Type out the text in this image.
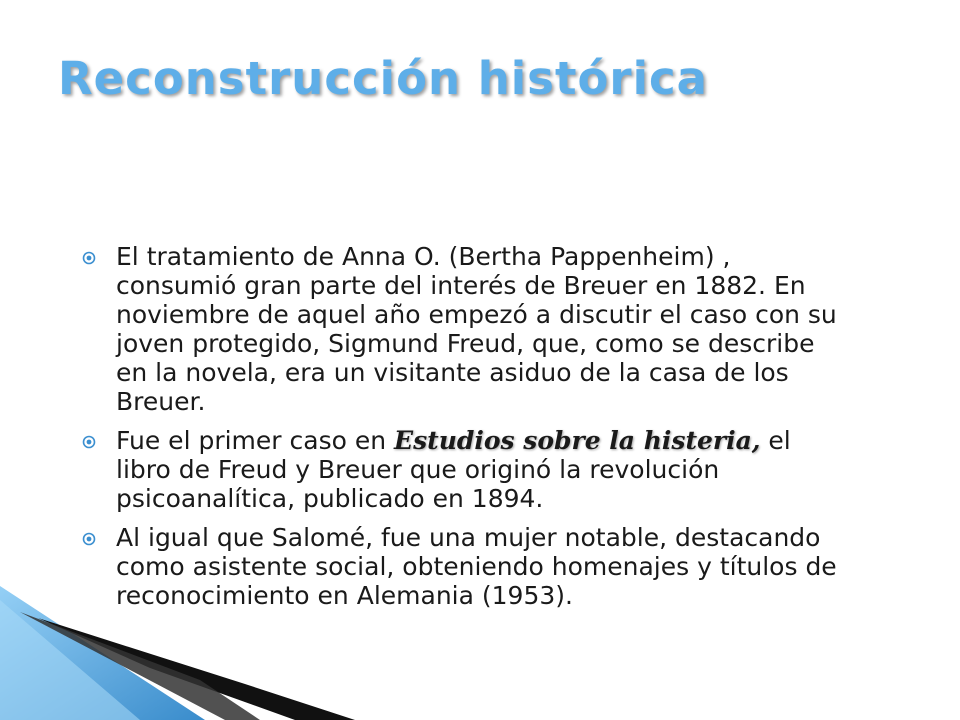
Reconstrucción histórica
El tratamiento de Anna O. (Bertha Pappenheim) , consumió gran parte del interés de Breuer en 1882. En noviembre de aquel año empezó a discutir el caso con su joven protegido, Sigmund Freud, que, como se describe en la novela, era un visitante asiduo de la casa de los Breuer.
Fue el primer caso en Estudios sobre la histeria, el libro de Freud y Breuer que originó la revolución psicoanalítica, publicado en 1894.
Al igual que Salomé, fue una mujer notable, destacando como asistente social, obteniendo homenajes y títulos de reconocimiento en Alemania (1953).
